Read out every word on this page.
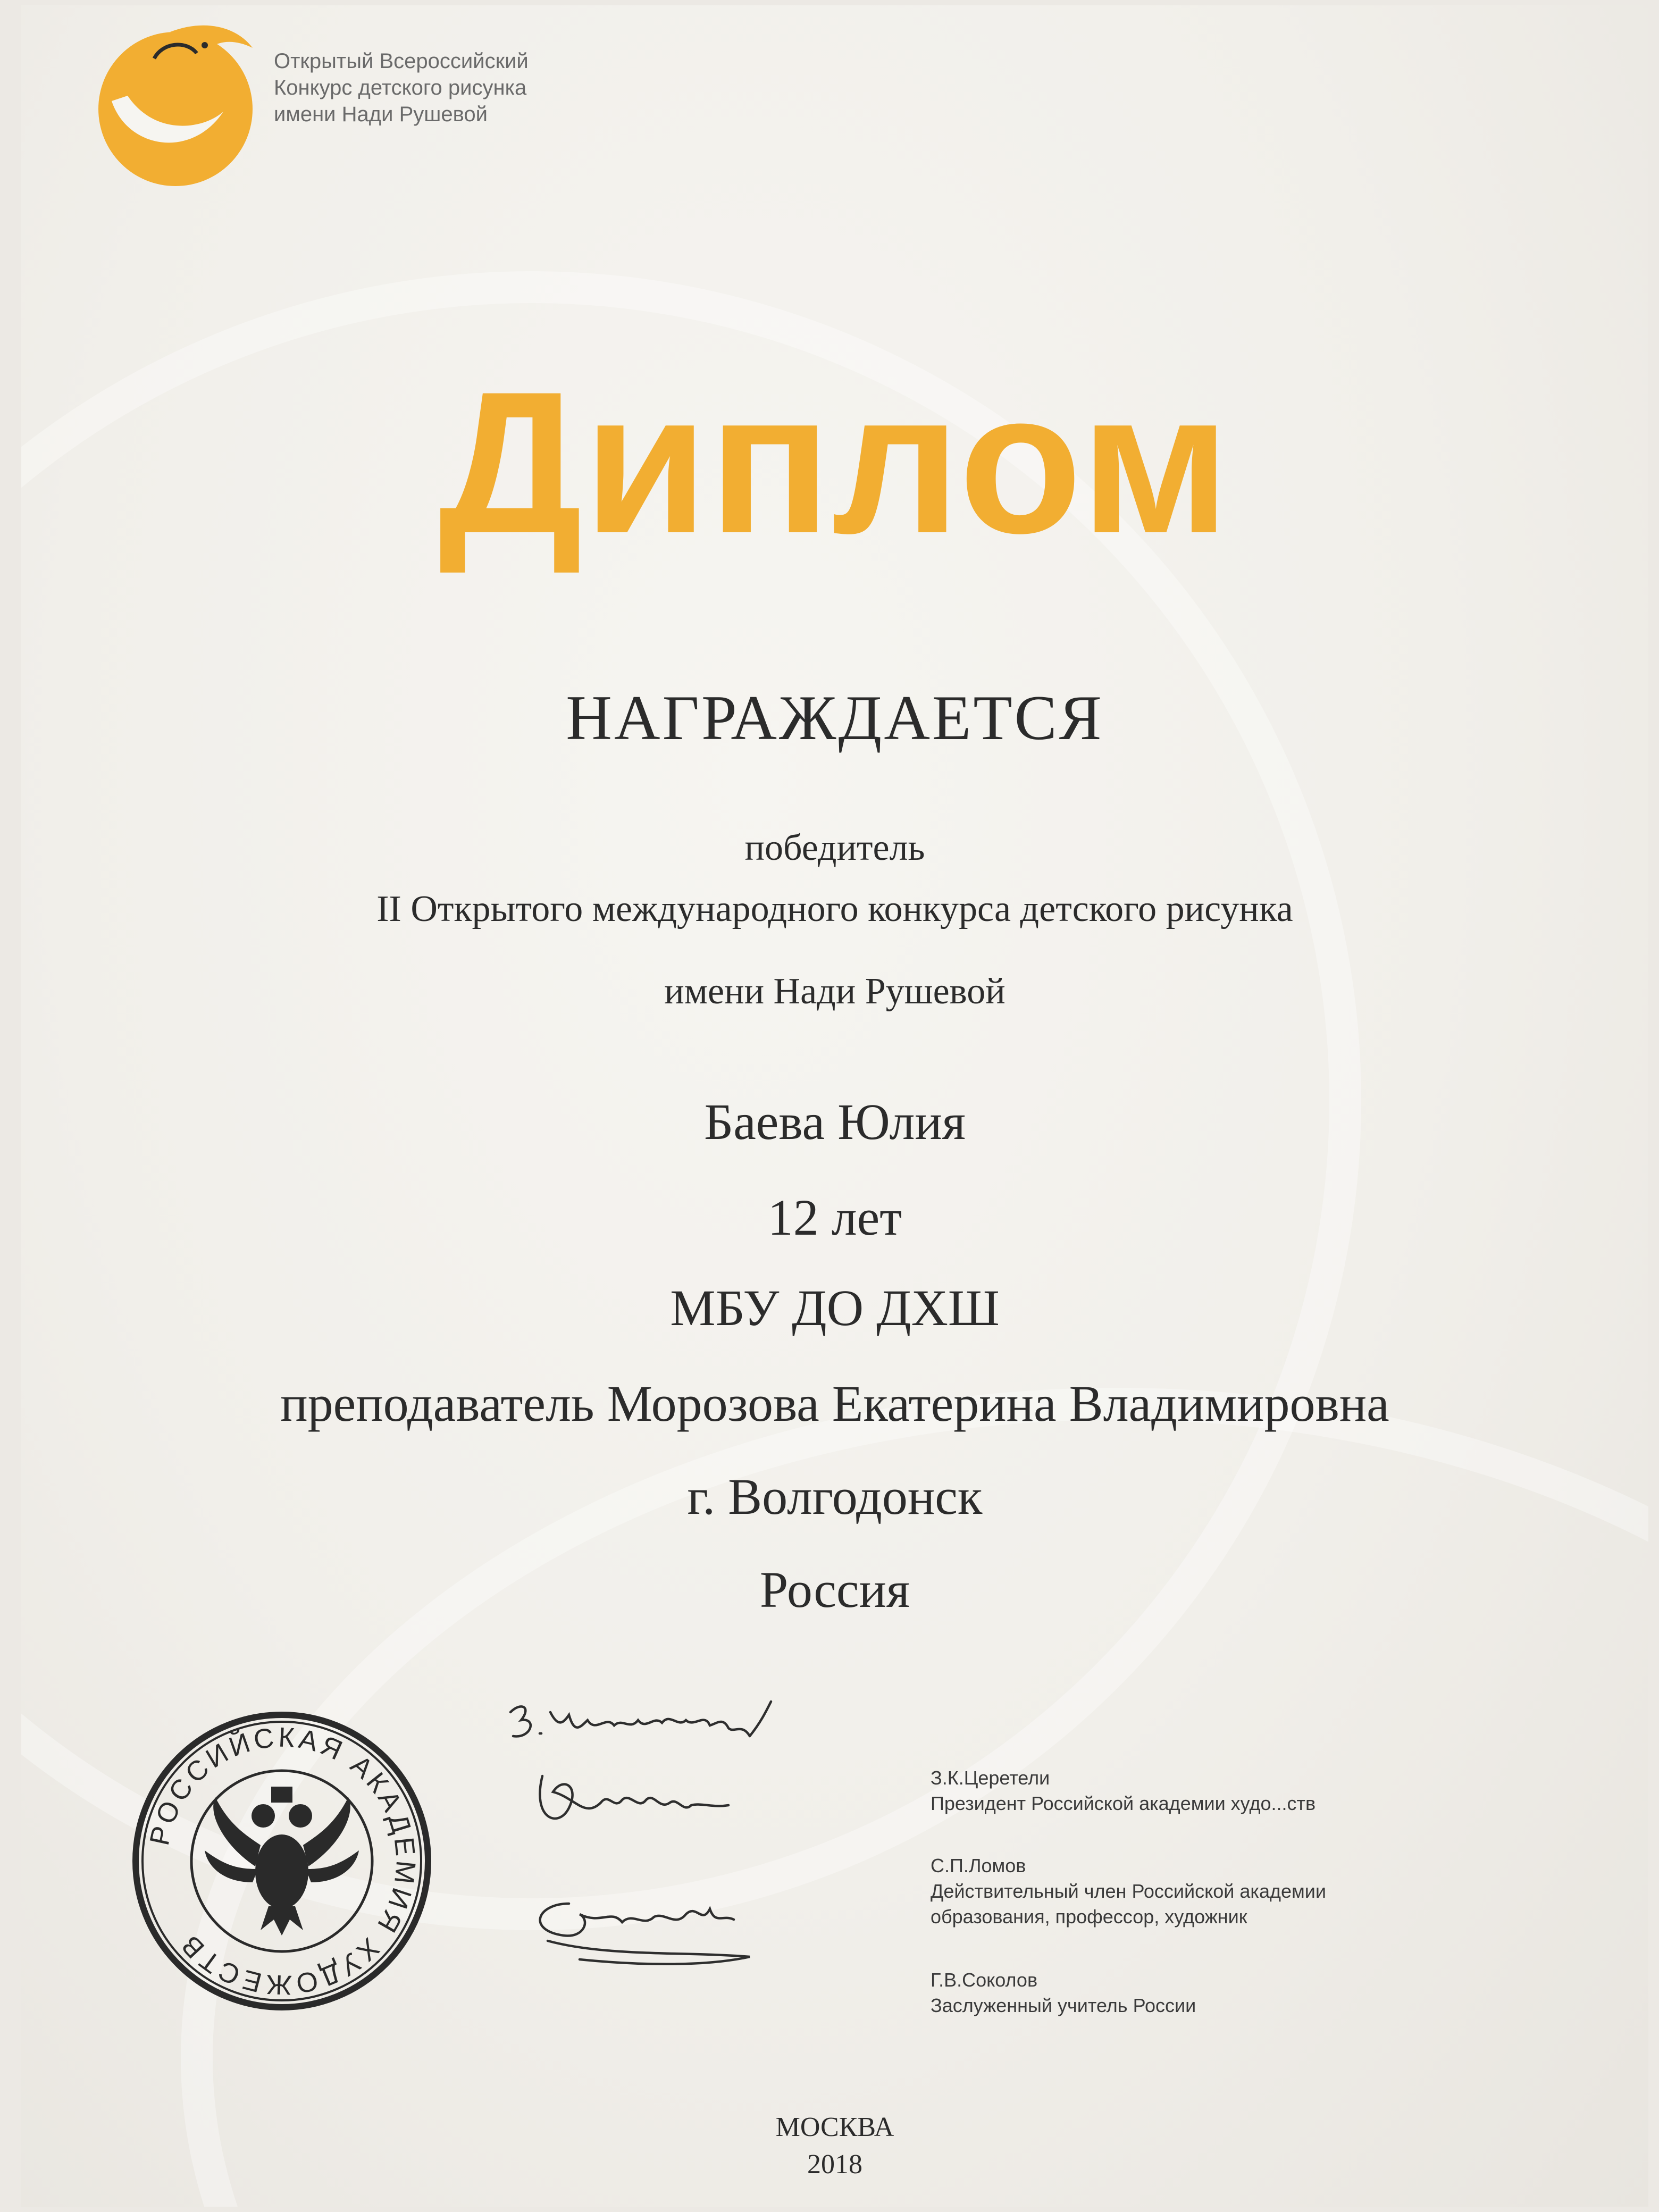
Открытый Всероссийский
Конкурс детского рисунка
имени Нади Рушевой
Диплом
НАГРАЖДАЕТСЯ
победитель
II Открытого международного конкурса детского рисунка
имени Нади Рушевой
Баева Юлия
12 лет
МБУ ДО ДХШ
преподаватель Морозова Екатерина Владимировна
г. Волгодонск
Россия
РОССИЙСКАЯ АКАДЕМИЯ ХУДОЖЕСТВ
З.К.Церетели
Президент Российской академии худо...ств
С.П.Ломов
Действительный член Российской академии
образования, профессор, художник
Г.В.Соколов
Заслуженный учитель России
МОСКВА
2018
